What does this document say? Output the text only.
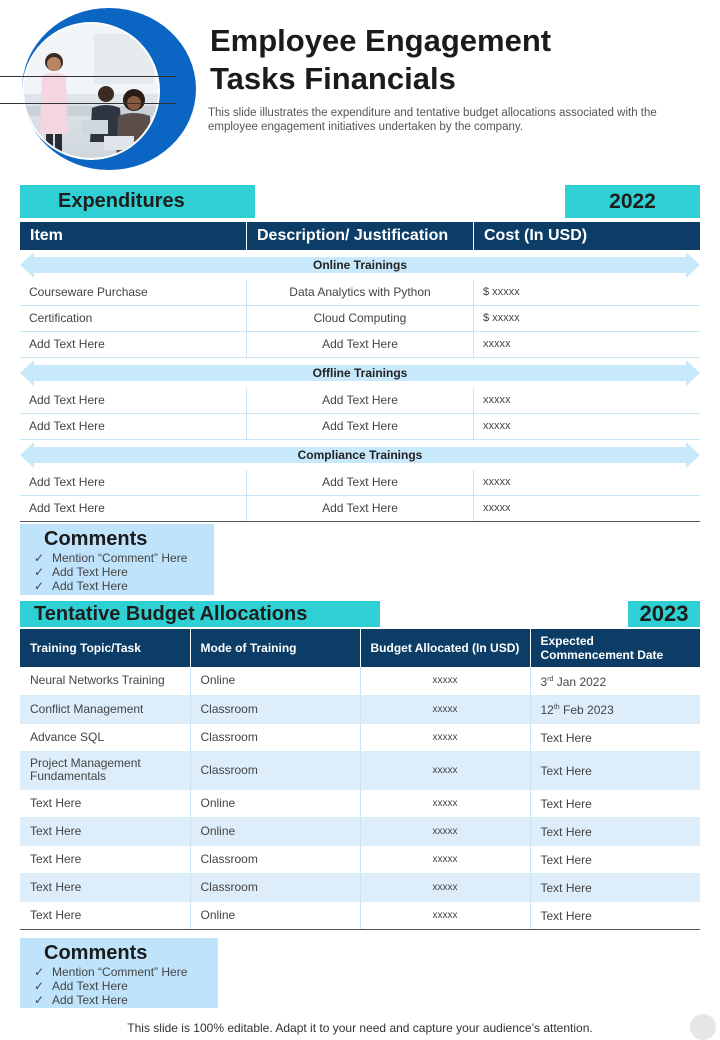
Employee Engagement
Tasks Financials
This slide illustrates the expenditure and tentative budget allocations associated with the employee engagement initiatives undertaken by the company.
Expenditures	2022
Item	Description/ Justification	Cost (In USD)
Online Trainings
Courseware Purchase	Data Analytics with Python	$ xxxxx
Certification	Cloud Computing	$ xxxxx
Add Text Here	Add Text Here	xxxxx
Offline Trainings
Add Text Here	Add Text Here	xxxxx
Add Text Here	Add Text Here	xxxxx
Compliance Trainings
Add Text Here	Add Text Here	xxxxx
Add Text Here	Add Text Here	xxxxx
Comments
✓ Mention “Comment” Here
✓ Add Text Here
✓ Add Text Here
Tentative Budget Allocations	2023
Training Topic/Task	Mode of Training	Budget Allocated (In USD)	Expected Commencement Date
Neural Networks Training	Online	xxxxx	3rd Jan 2022
Conflict Management	Classroom	xxxxx	12th Feb 2023
Advance SQL	Classroom	xxxxx	Text Here
Project Management Fundamentals	Classroom	xxxxx	Text Here
Text Here	Online	xxxxx	Text Here
Text Here	Online	xxxxx	Text Here
Text Here	Classroom	xxxxx	Text Here
Text Here	Classroom	xxxxx	Text Here
Text Here	Online	xxxxx	Text Here
Comments
✓ Mention “Comment” Here
✓ Add Text Here
✓ Add Text Here
This slide is 100% editable. Adapt it to your need and capture your audience’s attention.
